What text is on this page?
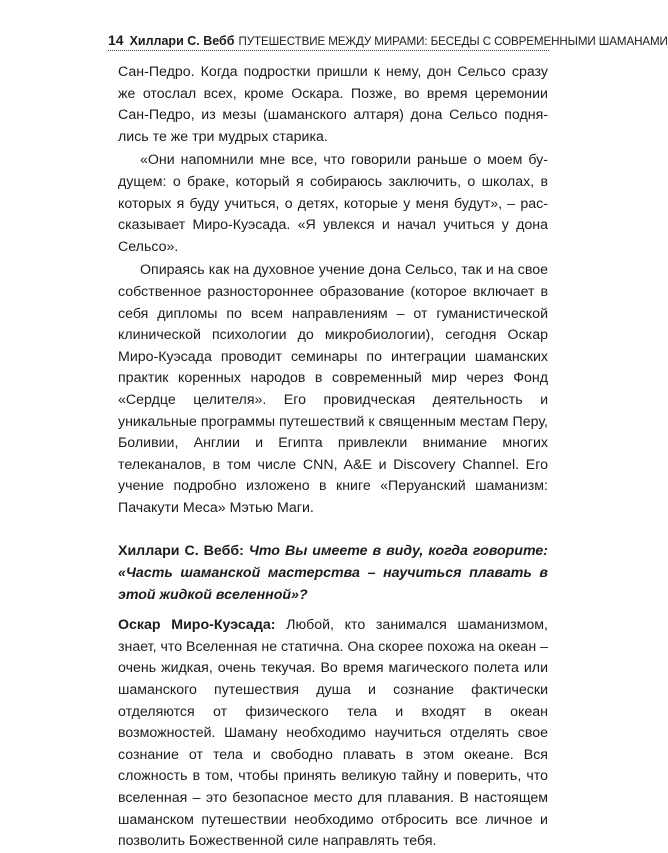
14 Хиллари С. Вебб ПУТЕШЕСТВИЕ МЕЖДУ МИРАМИ: БЕСЕДЫ С СОВРЕМЕННЫМИ ШАМАНАМИ

Сан-Педро. Когда подростки пришли к нему, дон Сельсо сразу же отослал всех, кроме Оскара. Позже, во время церемонии Сан-Педро, из мезы (шаманского алтаря) дона Сельсо поднялись те же три мудрых старика.

«Они напомнили мне все, что говорили раньше о моем будущем: о браке, который я собираюсь заключить, о школах, в которых я буду учиться, о детях, которые у меня будут», – рассказывает Миро-Куэсада. «Я увлекся и начал учиться у дона Сельсо».

Опираясь как на духовное учение дона Сельсо, так и на свое собственное разностороннее образование (которое включает в себя дипломы по всем направлениям – от гуманистической клинической психологии до микробиологии), сегодня Оскар Миро-Куэсада проводит семинары по интеграции шаманских практик коренных народов в современный мир через Фонд «Сердце целителя». Его провидческая деятельность и уникальные программы путешествий к священным местам Перу, Боливии, Англии и Египта привлекли внимание многих телеканалов, в том числе CNN, A&E и Discovery Channel. Его учение подробно изложено в книге «Перуанский шаманизм: Пачакути Меса» Мэтью Маги.

Хиллари С. Вебб: Что Вы имеете в виду, когда говорите: «Часть шаманской мастерства – научиться плавать в этой жидкой вселенной»?

Оскар Миро-Куэсада: Любой, кто занимался шаманизмом, знает, что Вселенная не статична. Она скорее похожа на океан – очень жидкая, очень текучая. Во время магического полета или шаманского путешествия душа и сознание фактически отделяются от физического тела и входят в океан возможностей. Шаману необходимо научиться отделять свое сознание от тела и свободно плавать в этом океане. Вся сложность в том, чтобы принять великую тайну и поверить, что вселенная – это безопасное место для плавания. В настоящем шаманском путешествии необходимо отбросить все личное и позволить Божественной силе направлять тебя.
